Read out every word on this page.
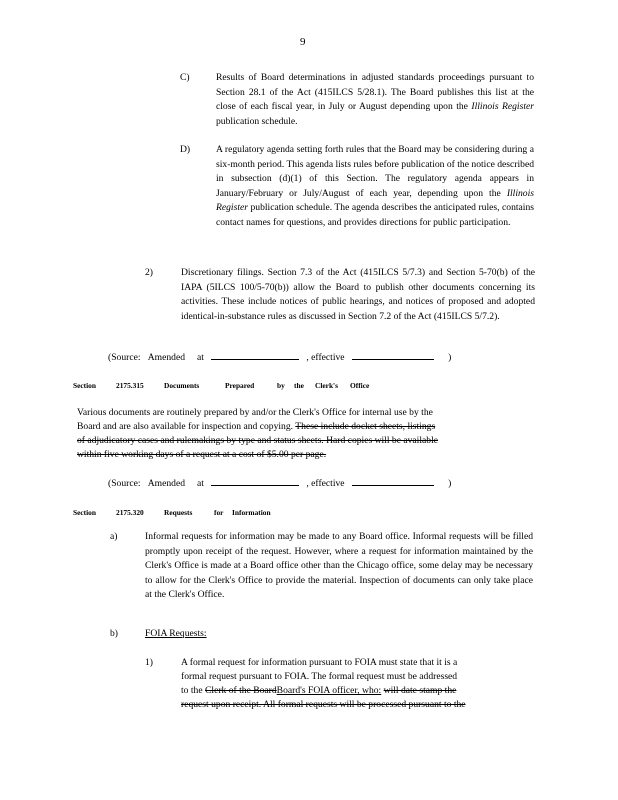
9
C)	Results of Board determinations in adjusted standards proceedings pursuant to Section 28.1 of the Act (415ILCS 5/28.1). The Board publishes this list at the close of each fiscal year, in July or August depending upon the Illinois Register publication schedule.
D)	A regulatory agenda setting forth rules that the Board may be considering during a six-month period. This agenda lists rules before publication of the notice described in subsection (d)(1) of this Section. The regulatory agenda appears in January/February or July/August of each year, depending upon the Illinois Register publication schedule. The agenda describes the anticipated rules, contains contact names for questions, and provides directions for public participation.
2)	Discretionary filings. Section 7.3 of the Act (415ILCS 5/7.3) and Section 5-70(b) of the IAPA (5ILCS 100/5-70(b)) allow the Board to publish other documents concerning its activities. These include notices of public hearings, and notices of proposed and adopted identical-in-substance rules as discussed in Section 7.2 of the Act (415ILCS 5/7.2).
(Source: Amended at	, effective	)
Section	2175.315	Documents	Prepared	by the Clerk's Office
Various documents are routinely prepared by and/or the Clerk's Office for internal use by the
Board and are also available for inspection and copying. These include docket sheets, listings
of adjudicatory cases and rulemakings by type and status sheets. Hard copies will be available
within five working days of a request at a cost of $5.00 per page.
(Source: Amended at	, effective	)
Section	2175.320	Requests	for Information
a)	Informal requests for information may be made to any Board office. Informal requests will be filled promptly upon receipt of the request. However, where a request for information maintained by the Clerk's Office is made at a Board office other than the Chicago office, some delay may be necessary to allow for the Clerk's Office to provide the material. Inspection of documents can only take place at the Clerk's Office.
b)	FOIA Requests:
1)	A formal request for information pursuant to FOIA must state that it is a
formal request pursuant to FOIA. The formal request must be addressed
to the Clerk of the BoardBoard's FOIA officer, who: will date stamp the
request upon receipt. All formal requests will be processed pursuant to the
